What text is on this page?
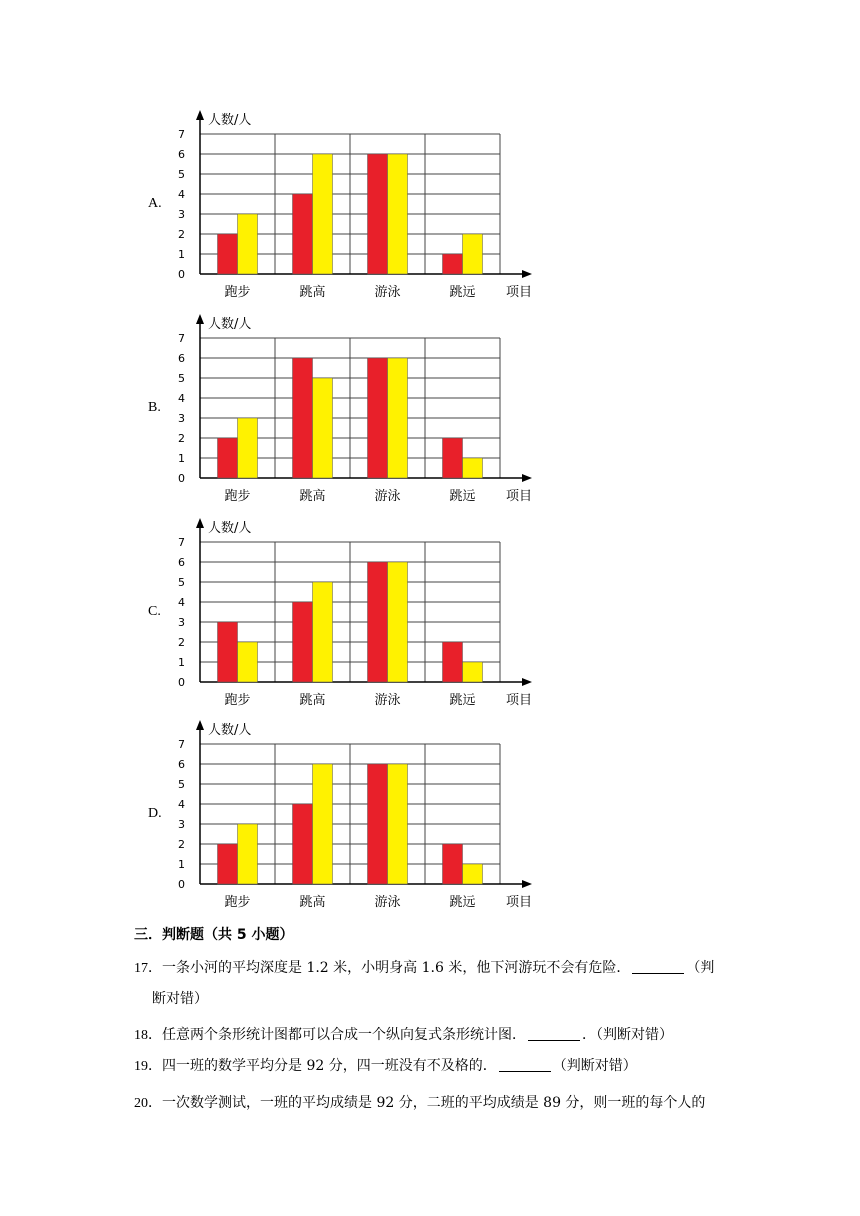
A.
人数/人
0
1
2
3
4
5
6
7
跑步	跳高	游泳	跳远 项目
B.
人数/人
0
1
2
3
4
5
6
7
跑步	跳高	游泳	跳远 项目
C.
人数/人
0
1
2
3
4
5
6
7
跑步	跳高	游泳	跳远 项目
D.
人数/人
0
1
2
3
4
5
6
7
跑步	跳高	游泳	跳远 项目
三．判断题（共 5 小题）
17．一条小河的平均深度是 1.2 米，小明身高 1.6 米，他下河游玩不会有危险．	（判
断对错）
18．任意两个条形统计图都可以合成一个纵向复式条形统计图．	．（判断对错）
19．四一班的数学平均分是 92 分，四一班没有不及格的．	（判断对错）
20．一次数学测试，一班的平均成绩是 92 分，二班的平均成绩是 89 分，则一班的每个人的
